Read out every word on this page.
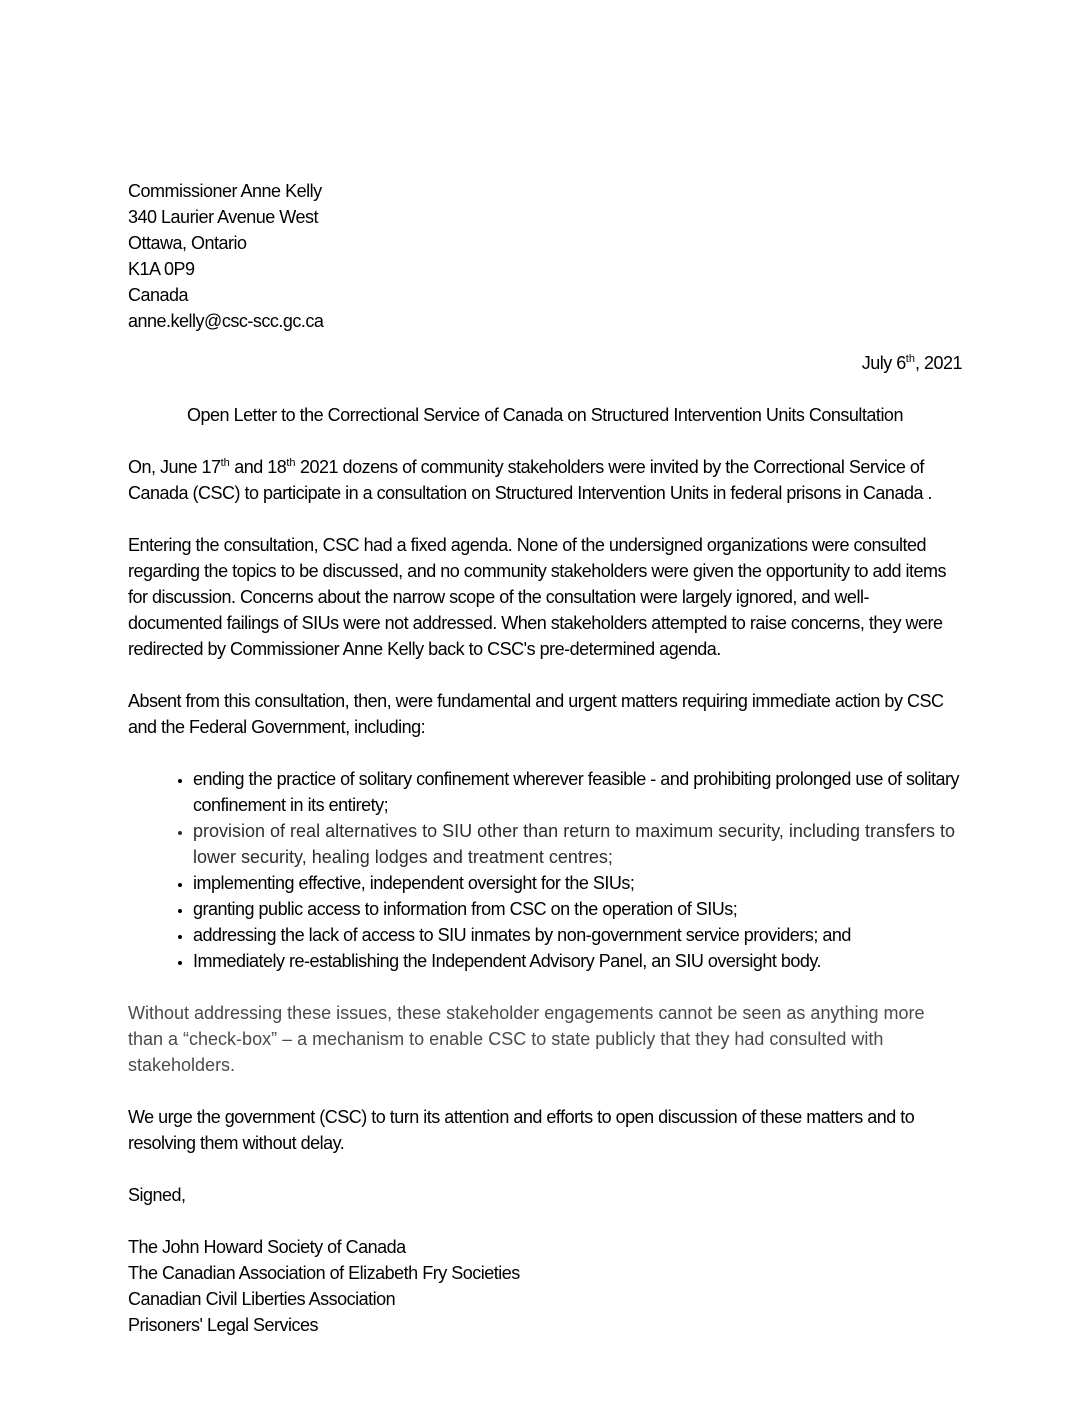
Commissioner Anne Kelly
340 Laurier Avenue West
Ottawa, Ontario
K1A 0P9
Canada
anne.kelly@csc-scc.gc.ca
July 6th, 2021
Open Letter to the Correctional Service of Canada on Structured Intervention Units Consultation

On, June 17th and 18th 2021 dozens of community stakeholders were invited by the Correctional Service of Canada (CSC) to participate in a consultation on Structured Intervention Units in federal prisons in Canada .

Entering the consultation, CSC had a fixed agenda. None of the undersigned organizations were consulted regarding the topics to be discussed, and no community stakeholders were given the opportunity to add items for discussion. Concerns about the narrow scope of the consultation were largely ignored, and well-documented failings of SIUs were not addressed. When stakeholders attempted to raise concerns, they were redirected by Commissioner Anne Kelly back to CSC's pre-determined agenda.

Absent from this consultation, then, were fundamental and urgent matters requiring immediate action by CSC and the Federal Government, including:

• ending the practice of solitary confinement wherever feasible - and prohibiting prolonged use of solitary confinement in its entirety;
• provision of real alternatives to SIU other than return to maximum security, including transfers to lower security, healing lodges and treatment centres;
• implementing effective, independent oversight for the SIUs;
• granting public access to information from CSC on the operation of SIUs;
• addressing the lack of access to SIU inmates by non-government service providers; and
• Immediately re-establishing the Independent Advisory Panel, an SIU oversight body.

Without addressing these issues, these stakeholder engagements cannot be seen as anything more than a “check-box” – a mechanism to enable CSC to state publicly that they had consulted with stakeholders.

We urge the government (CSC) to turn its attention and efforts to open discussion of these matters and to resolving them without delay.

Signed,

The John Howard Society of Canada
The Canadian Association of Elizabeth Fry Societies
Canadian Civil Liberties Association
Prisoners' Legal Services
